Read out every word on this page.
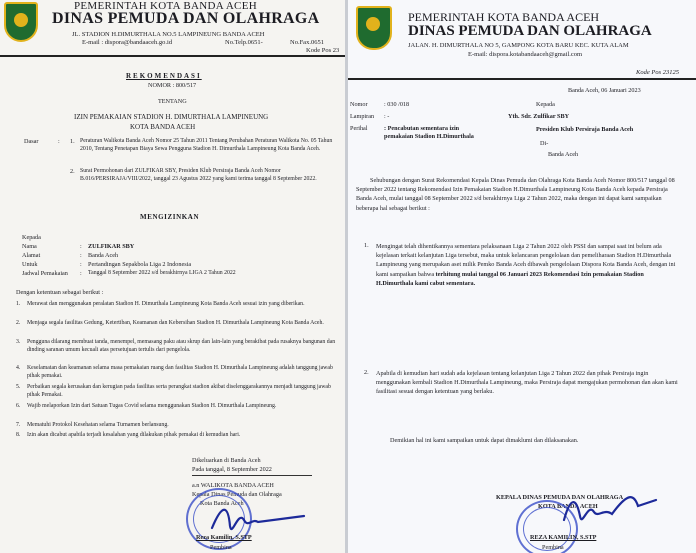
PEMERINTAH KOTA BANDA ACEH
DINAS PEMUDA DAN OLAHRAGA
JL. STADION H.DIMURTHALA NO.5 LAMPINEUNG BANDA ACEH
E-mail : dispora@bandaaceh.go.id	No.Telp.0651-	No.Fax.0651
Kode Pos 23
REKOMENDASI
NOMOR : 800/517
TENTANG
IZIN PEMAKAIAN STADION H. DIMURTHALA LAMPINEUNG
KOTA BANDA ACEH
Dasar	: 1. Peraturan Walikota Banda Aceh Nomor 25 Tahun 2011 Tentang Perubahan Peraturan Walikota No. 05 Tahun 2010, Tentang Penetapan Biaya Sewa Pengguna Stadion H. Dimurthala Lampineung Kota Banda Aceh.
2. Surat Permohonan dari ZULFIKAR SBY, Presiden Klub Persiraja Banda Aceh Nomor B.016/PERSIRAJA/VIII/2022, tanggal 23 Agustus 2022 yang kami terima tanggal 8 September 2022.
MENGIZINKAN
Kepada
Nama	: ZULFIKAR SBY
Alamat	: Banda Aceh
Untuk	: Pertandingan Sepakbola Liga 2 Indonesia
Jadwal Pemakaian : Tanggal 8 September 2022 s/d berakhirnya LIGA 2 Tahun 2022
Dengan ketentuan sebagai berikut :
1. Merawat dan menggunakan peralatan Stadion H. Dimurthala Lampineung Kota Banda Aceh sesuai izin yang diberikan.
2. Menjaga segala fasilitas Gedung, Ketertiban, Keamanan dan Kebersihan Stadion H. Dimurthala Lampineung Kota Banda Aceh.
3. Pengguna dilarang membuat tanda, menempel, memasang paku atau skrup dan lain-lain yang berakibat pada rusaknya bangunan dan dinding saranan umum kecuali atas persetujuan tertulis dari pengelola.
4. Keselamatan dan keamanan selama masa pemakaian ruang dan fasilitas Stadion H. Dimurthala Lampineung adalah tanggung jawab pihak pemakai.
5. Perbaikan segala kerusakan dan kerugian pada fasilitas serta perangkat stadion akibat diselenggarakannya menjadi tanggung jawab pihak Pemakai.
6. Wajib melaporkan Izin dari Satuan Tugas Covid selama menggunakan Stadion H. Dimurthala Lampineung.
7. Mematuhi Protokol Kesehatan selama Turnamen berlansung.
8. Izin akan dicabut apabila terjadi kesalahan yang dilakukan pihak pemakai di kemudian hari.
Dikeluarkan di Banda Aceh
Pada tanggal, 8 September 2022
a.n WALIKOTA BANDA ACEH
Kepala Dinas Pemuda dan Olahraga
Kota Banda Aceh
Reza Kamilin, S.STP
Pembina
PEMERINTAH KOTA BANDA ACEH
DINAS PEMUDA DAN OLAHRAGA
JALAN. H. DIMURTHALA NO 5, GAMPONG KOTA BARU KEC. KUTA ALAM
E-mail: dispora.kotabandaaceh@gmail.com
Kode Pos 23125
Banda Aceh, 06 Januari 2023
Nomor	: 030 /018
Lampiran : -
Perihal	: Pencabutan sementara izin pemakaian Stadion H.Dimurthala
Kepada
Yth. Sdr. Zulfikar SBY
Presiden Klub Persiraja Banda Aceh
Di-
Banda Aceh
Sehubungan dengan Surat Rekomendasi Kepala Dinas Pemuda dan Olahraga Kota Banda Aceh Nomor 800/517 tanggal 08 September 2022 tentang Rekomendasi Izin Pemakaian Stadion H.Dimurthala Lampineung Kota Banda Aceh kepada Persiraja Banda Aceh, mulai tanggal 08 September 2022 s/d berakhirnya Liga 2 Tahun 2022, maka dengan ini dapat kami sampaikan beberapa hal sebagai berikut :
1. Mengingat telah dihentikannya sementara pelaksanaan Liga 2 Tahun 2022 oleh PSSI dan sampai saat ini belum ada kejelasan terkait kelanjutan Liga tersebut, maka untuk kelancaran pengelolaan dan pemeliharaan Stadion H.Dimurthala Lampineung yang merupakan aset milik Pemko Banda Aceh dibawah pengelolaan Dispora Kota Banda Aceh, dengan ini kami sampaikan bahwa terhitung mulai tanggal 06 Januari 2023 Rekomendasi Izin pemakaian Stadion H.Dimurthala kami cabut sementara.
2. Apabila di kemudian hari sudah ada kejelasan tentang kelanjutan Liga 2 Tahun 2022 dan pihak Persiraja ingin menggunakan kembali Stadion H.Dimurthala Lampineung, maka Persiraja dapat mengajukan permohonan dan akan kami fasilitasi sesuai dengan ketentuan yang berlaku.
Demikian hal ini kami sampaikan untuk dapat dimaklumi dan dilaksanakan.
KEPALA DINAS PEMUDA DAN OLAHRAGA
KOTA BANDA ACEH
REZA KAMILIN, S.STP
Pembina
